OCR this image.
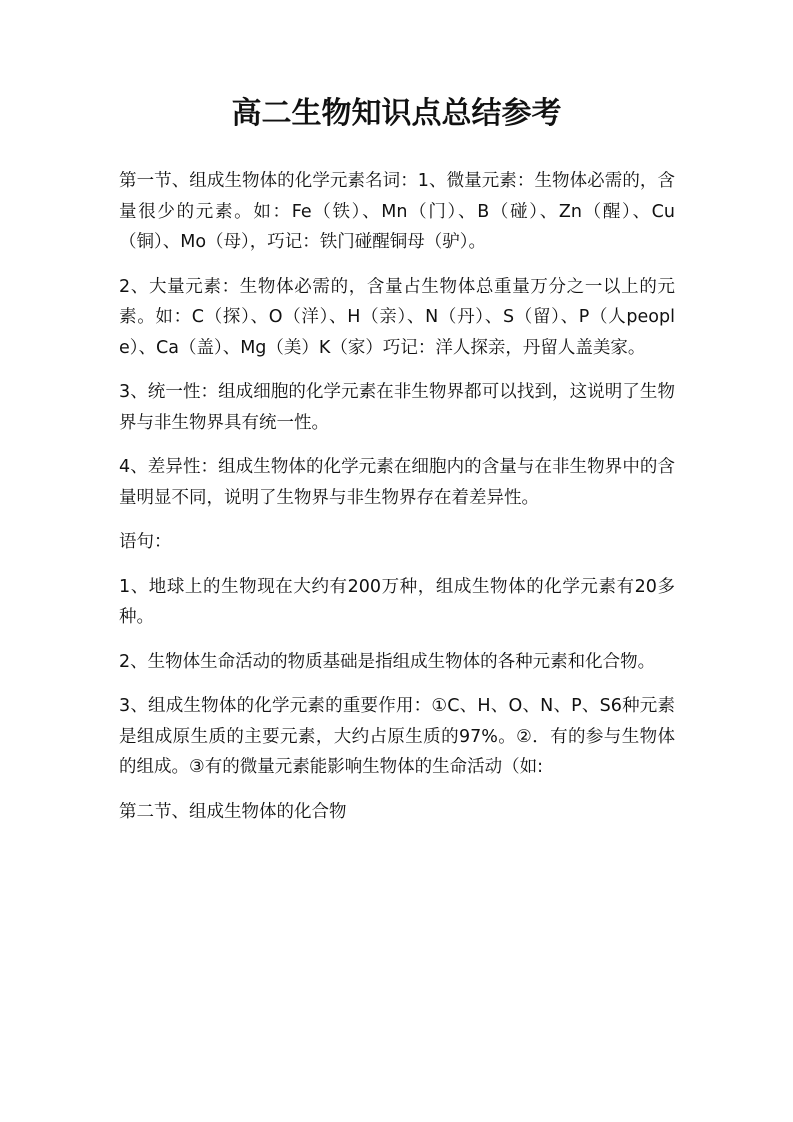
高二生物知识点总结参考

第一节、组成生物体的化学元素名词：1、微量元素：生物体必需的，含量很少的元素。如：Fe（铁）、Mn（门）、B（碰）、Zn（醒）、Cu（铜）、Mo（母），巧记：铁门碰醒铜母（驴）。

2、大量元素：生物体必需的，含量占生物体总重量万分之一以上的元素。如：C（探）、O（洋）、H（亲）、N（丹）、S（留）、P（人people）、Ca（盖）、Mg（美）K（家）巧记：洋人探亲，丹留人盖美家。

3、统一性：组成细胞的化学元素在非生物界都可以找到，这说明了生物界与非生物界具有统一性。

4、差异性：组成生物体的化学元素在细胞内的含量与在非生物界中的含量明显不同，说明了生物界与非生物界存在着差异性。

语句：

1、地球上的生物现在大约有200万种，组成生物体的化学元素有20多种。

2、生物体生命活动的物质基础是指组成生物体的各种元素和化合物。

3、组成生物体的化学元素的重要作用：①C、H、O、N、P、S6种元素是组成原生质的主要元素，大约占原生质的97%。②．有的参与生物体的组成。③有的微量元素能影响生物体的生命活动（如:

第二节、组成生物体的化合物
